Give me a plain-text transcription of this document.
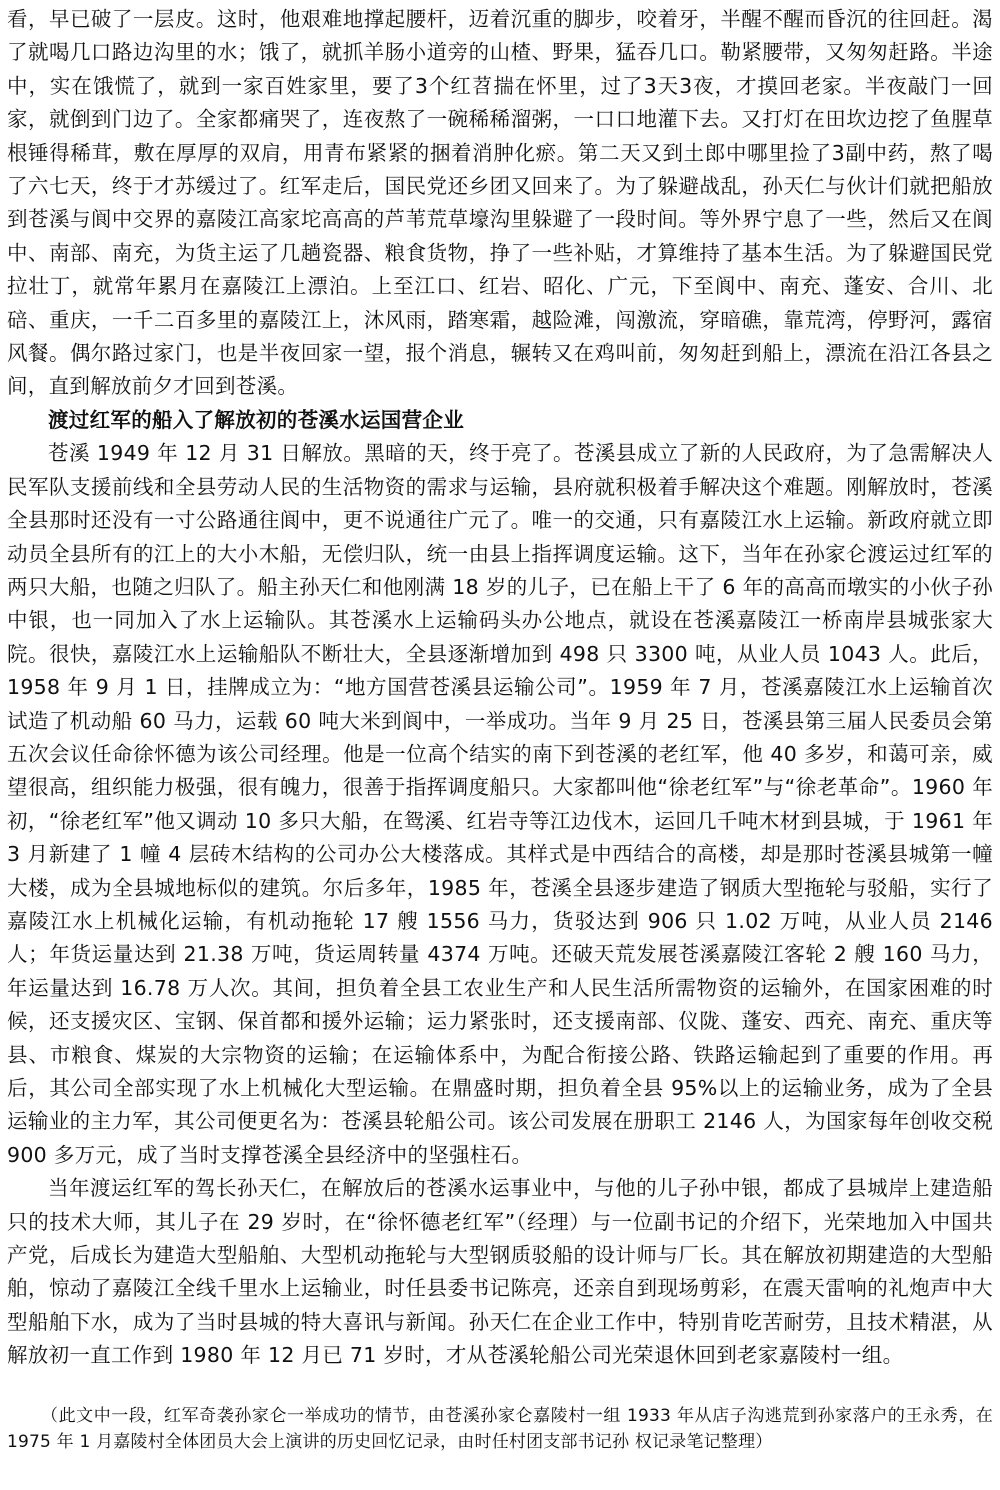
看，早已破了一层皮。这时，他艰难地撑起腰杆，迈着沉重的脚步，咬着牙，半醒不醒而昏沉的往回赶。渴了就喝几口路边沟里的水；饿了，就抓羊肠小道旁的山楂、野果，猛吞几口。勒紧腰带，又匆匆赶路。半途中，实在饿慌了，就到一家百姓家里，要了3个红苕揣在怀里，过了3天3夜，才摸回老家。半夜敲门一回家，就倒到门边了。全家都痛哭了，连夜熬了一碗稀稀溜粥，一口口地灌下去。又打灯在田坎边挖了鱼腥草根锤得稀茸，敷在厚厚的双肩，用青布紧紧的捆着消肿化瘀。第二天又到土郎中哪里捡了3副中药，熬了喝了六七天，终于才苏缓过了。红军走后，国民党还乡团又回来了。为了躲避战乱，孙天仁与伙计们就把船放到苍溪与阆中交界的嘉陵江高家坨高高的芦苇荒草壕沟里躲避了一段时间。等外界宁息了一些，然后又在阆中、南部、南充，为货主运了几趟瓷器、粮食货物，挣了一些补贴，才算维持了基本生活。为了躲避国民党拉壮丁，就常年累月在嘉陵江上漂泊。上至江口、红岩、昭化、广元，下至阆中、南充、蓬安、合川、北碚、重庆，一千二百多里的嘉陵江上，沐风雨，踏寒霜，越险滩，闯激流，穿暗礁，靠荒湾，停野河，露宿风餐。偶尔路过家门，也是半夜回家一望，报个消息，辗转又在鸡叫前，匆匆赶到船上，漂流在沿江各县之间，直到解放前夕才回到苍溪。

渡过红军的船入了解放初的苍溪水运国营企业

苍溪 1949 年 12 月 31 日解放。黑暗的天，终于亮了。苍溪县成立了新的人民政府，为了急需解决人民军队支援前线和全县劳动人民的生活物资的需求与运输，县府就积极着手解决这个难题。刚解放时，苍溪全县那时还没有一寸公路通往阆中，更不说通往广元了。唯一的交通，只有嘉陵江水上运输。新政府就立即动员全县所有的江上的大小木船，无偿归队，统一由县上指挥调度运输。这下，当年在孙家仑渡运过红军的两只大船，也随之归队了。船主孙天仁和他刚满 18 岁的儿子，已在船上干了 6 年的高高而墩实的小伙子孙中银，也一同加入了水上运输队。其苍溪水上运输码头办公地点，就设在苍溪嘉陵江一桥南岸县城张家大院。很快，嘉陵江水上运输船队不断壮大，全县逐渐增加到 498 只 3300 吨，从业人员 1043 人。此后，1958 年 9 月 1 日，挂牌成立为：“地方国营苍溪县运输公司”。1959 年 7 月，苍溪嘉陵江水上运输首次试造了机动船 60 马力，运载 60 吨大米到阆中，一举成功。当年 9 月 25 日，苍溪县第三届人民委员会第五次会议任命徐怀德为该公司经理。他是一位高个结实的南下到苍溪的老红军，他 40 多岁，和蔼可亲，威望很高，组织能力极强，很有魄力，很善于指挥调度船只。大家都叫他“徐老红军”与“徐老革命”。1960 年初，“徐老红军”他又调动 10 多只大船，在鸳溪、红岩寺等江边伐木，运回几千吨木材到县城，于 1961 年 3 月新建了 1 幢 4 层砖木结构的公司办公大楼落成。其样式是中西结合的高楼，却是那时苍溪县城第一幢大楼，成为全县城地标似的建筑。尔后多年，1985 年，苍溪全县逐步建造了钢质大型拖轮与驳船，实行了嘉陵江水上机械化运输，有机动拖轮 17 艘 1556 马力，货驳达到 906 只 1.02 万吨，从业人员 2146 人；年货运量达到 21.38 万吨，货运周转量 4374 万吨。还破天荒发展苍溪嘉陵江客轮 2 艘 160 马力，年运量达到 16.78 万人次。其间，担负着全县工农业生产和人民生活所需物资的运输外，在国家困难的时候，还支援灾区、宝钢、保首都和援外运输；运力紧张时，还支援南部、仪陇、蓬安、西充、南充、重庆等县、市粮食、煤炭的大宗物资的运输；在运输体系中，为配合衔接公路、铁路运输起到了重要的作用。再后，其公司全部实现了水上机械化大型运输。在鼎盛时期，担负着全县 95%以上的运输业务，成为了全县运输业的主力军，其公司便更名为：苍溪县轮船公司。该公司发展在册职工 2146 人，为国家每年创收交税 900 多万元，成了当时支撑苍溪全县经济中的坚强柱石。

当年渡运红军的驾长孙天仁，在解放后的苍溪水运事业中，与他的儿子孙中银，都成了县城岸上建造船只的技术大师，其儿子在 29 岁时，在“徐怀德老红军”（经理）与一位副书记的介绍下，光荣地加入中国共产党，后成长为建造大型船舶、大型机动拖轮与大型钢质驳船的设计师与厂长。其在解放初期建造的大型船舶，惊动了嘉陵江全线千里水上运输业，时任县委书记陈亮，还亲自到现场剪彩，在震天雷响的礼炮声中大型船舶下水，成为了当时县城的特大喜讯与新闻。孙天仁在企业工作中，特别肯吃苦耐劳，且技术精湛，从解放初一直工作到 1980 年 12 月已 71 岁时，才从苍溪轮船公司光荣退休回到老家嘉陵村一组。

（此文中一段，红军奇袭孙家仑一举成功的情节，由苍溪孙家仑嘉陵村一组 1933 年从店子沟逃荒到孙家落户的王永秀，在 1975 年 1 月嘉陵村全体团员大会上演讲的历史回忆记录，由时任村团支部书记孙 权记录笔记整理）
